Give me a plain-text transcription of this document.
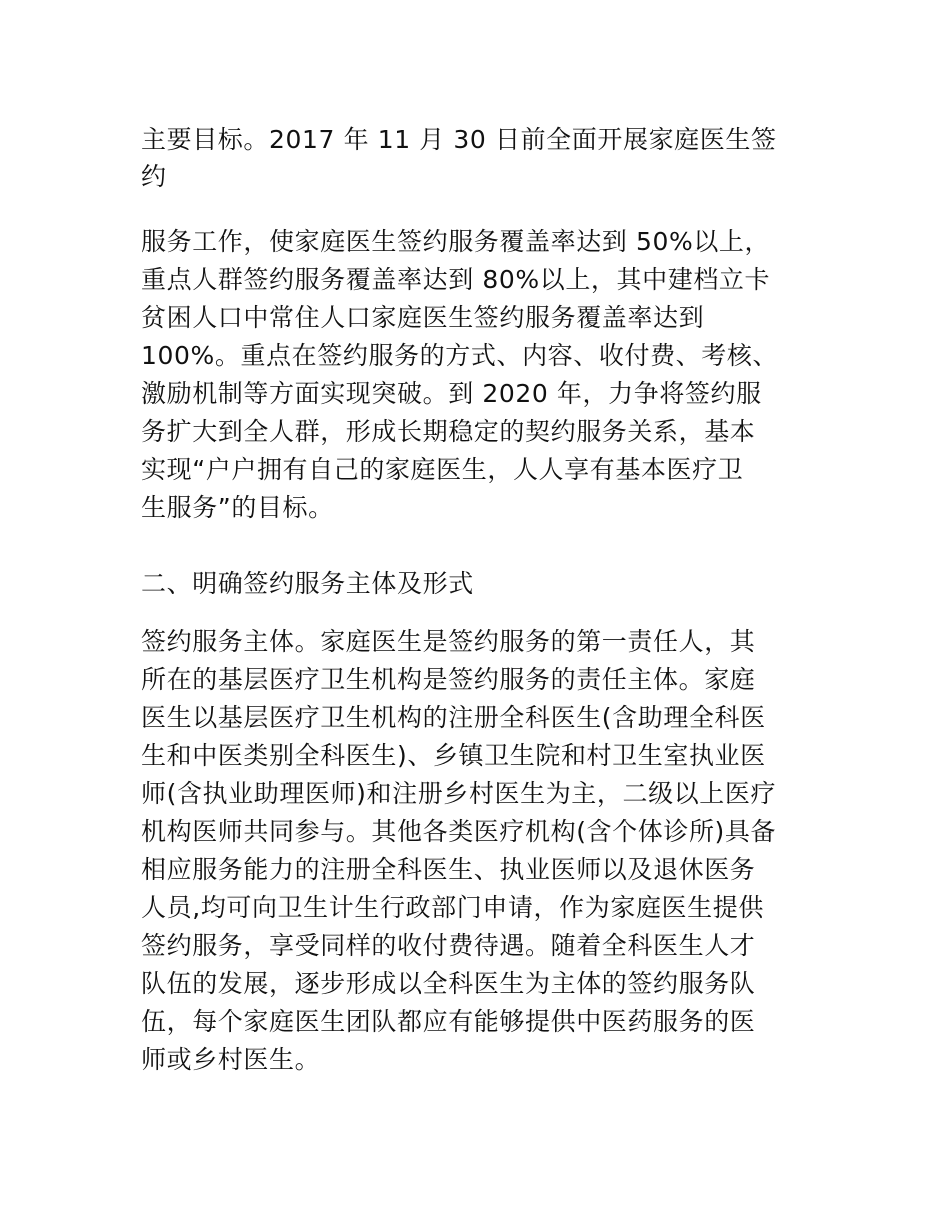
主要目标。2017 年 11 月 30 日前全面开展家庭医生签
约
服务工作，使家庭医生签约服务覆盖率达到 50%以上，
重点人群签约服务覆盖率达到 80%以上，其中建档立卡
贫困人口中常住人口家庭医生签约服务覆盖率达到
100%。重点在签约服务的方式、内容、收付费、考核、
激励机制等方面实现突破。到 2020 年，力争将签约服
务扩大到全人群，形成长期稳定的契约服务关系，基本
实现“户户拥有自己的家庭医生，人人享有基本医疗卫
生服务”的目标。
二、明确签约服务主体及形式
签约服务主体。家庭医生是签约服务的第一责任人，其
所在的基层医疗卫生机构是签约服务的责任主体。家庭
医生以基层医疗卫生机构的注册全科医生(含助理全科医
生和中医类别全科医生)、乡镇卫生院和村卫生室执业医
师(含执业助理医师)和注册乡村医生为主，二级以上医疗
机构医师共同参与。其他各类医疗机构(含个体诊所)具备
相应服务能力的注册全科医生、执业医师以及退休医务
人员,均可向卫生计生行政部门申请，作为家庭医生提供
签约服务，享受同样的收付费待遇。随着全科医生人才
队伍的发展，逐步形成以全科医生为主体的签约服务队
伍，每个家庭医生团队都应有能够提供中医药服务的医
师或乡村医生。
